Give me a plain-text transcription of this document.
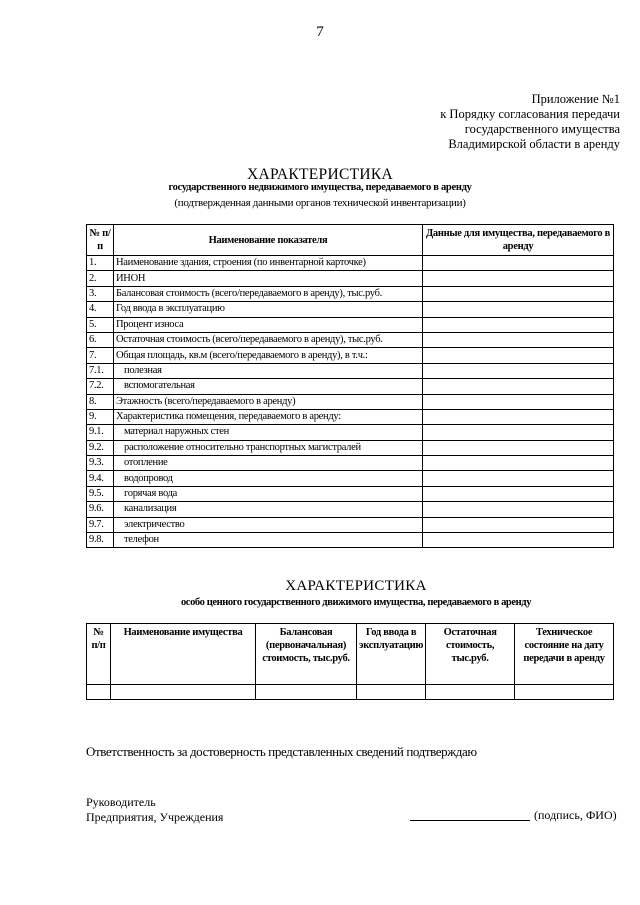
7
Приложение №1
к Порядку согласования передачи
государственного имущества
Владимирской области в аренду
ХАРАКТЕРИСТИКА
государственного недвижимого имущества, передаваемого в аренду
(подтвержденная данными органов технической инвентаризации)
№ п/п	Наименование показателя	Данные для имущества, передаваемого в аренду
1.	Наименование здания, строения (по инвентарной карточке)	
2.	ИНОН	
3.	Балансовая стоимость (всего/передаваемого в аренду), тыс.руб.	
4.	Год ввода в эксплуатацию	
5.	Процент износа	
6.	Остаточная стоимость (всего/передаваемого в аренду), тыс.руб.	
7.	Общая площадь, кв.м (всего/передаваемого в аренду), в т.ч.:	
7.1.	полезная	
7.2.	вспомогательная	
8.	Этажность (всего/передаваемого в аренду)	
9.	Характеристика помещения, передаваемого в аренду:	
9.1.	материал наружных стен	
9.2.	расположение относительно транспортных магистралей	
9.3.	отопление	
9.4.	водопровод	
9.5.	горячая вода	
9.6.	канализация	
9.7.	электричество	
9.8.	телефон	
ХАРАКТЕРИСТИКА
особо ценного государственного движимого имущества, передаваемого в аренду
№ п/п	Наименование имущества	Балансовая (первоначальная) стоимость, тыс.руб.	Год ввода в эксплуатацию	Остаточная стоимость, тыс.руб.	Техническое состояние на дату передачи в аренду

Ответственность за достоверность представленных сведений подтверждаю
Руководитель
Предприятия, Учреждения	(подпись, ФИО)
